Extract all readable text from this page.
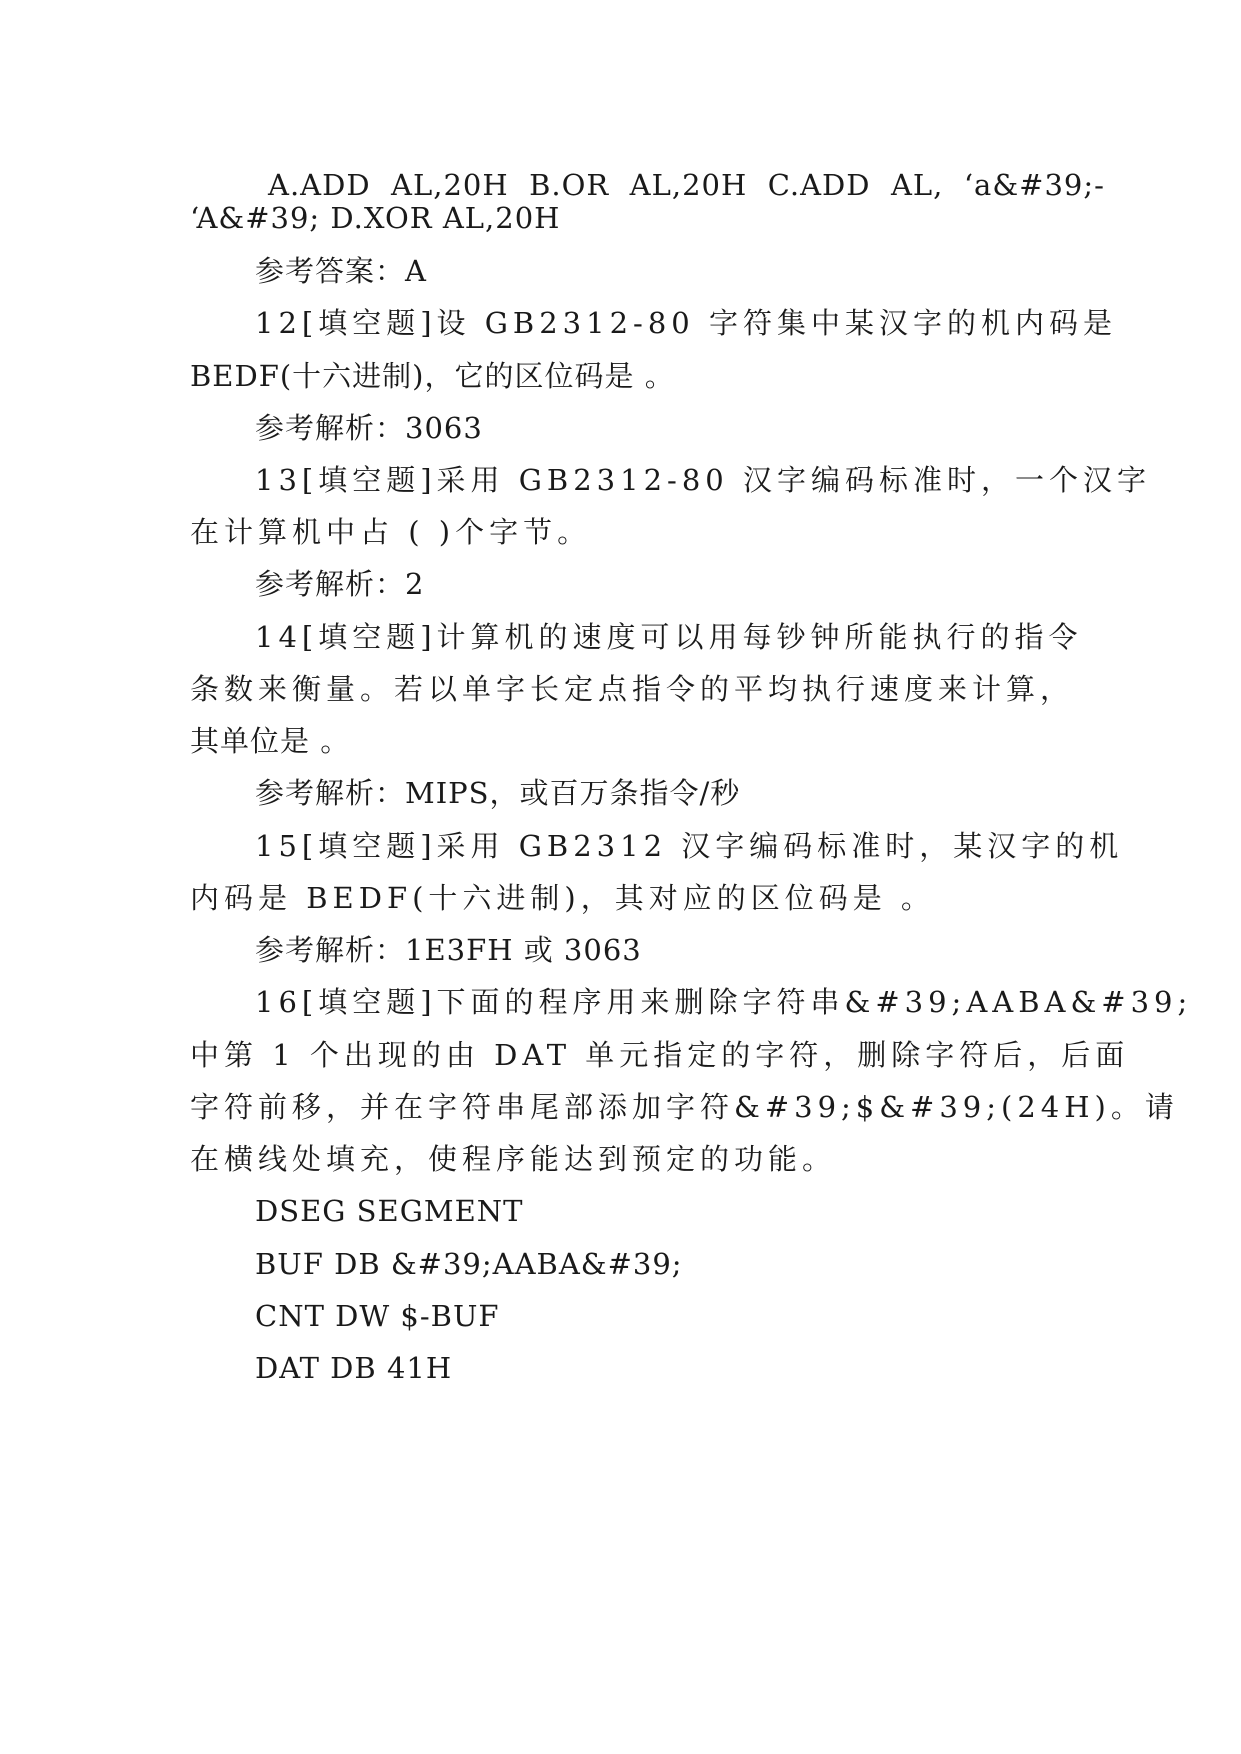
A.ADD  AL,20H  B.OR  AL,20H  C.ADD  AL,  ‘a&#39;-
‘A&#39; D.XOR AL,20H
参考答案：A
12[填空题]设 GB2312-80 字符集中某汉字的机内码是
BEDF(十六进制)，它的区位码是 。
参考解析：3063
13[填空题]采用 GB2312-80 汉字编码标准时，一个汉字
在计算机中占 ( )个字节。
参考解析：2
14[填空题]计算机的速度可以用每钞钟所能执行的指令
条数来衡量。若以单字长定点指令的平均执行速度来计算，
其单位是 。
参考解析：MIPS，或百万条指令/秒
15[填空题]采用 GB2312 汉字编码标准时，某汉字的机
内码是 BEDF(十六进制)，其对应的区位码是 。
参考解析：1E3FH 或 3063
16[填空题]下面的程序用来删除字符串&#39;AABA&#39;
中第 1 个出现的由 DAT 单元指定的字符，删除字符后，后面
字符前移，并在字符串尾部添加字符&#39;$&#39;(24H)。请
在横线处填充，使程序能达到预定的功能。
DSEG SEGMENT
BUF DB &#39;AABA&#39;
CNT DW $-BUF
DAT DB 41H
